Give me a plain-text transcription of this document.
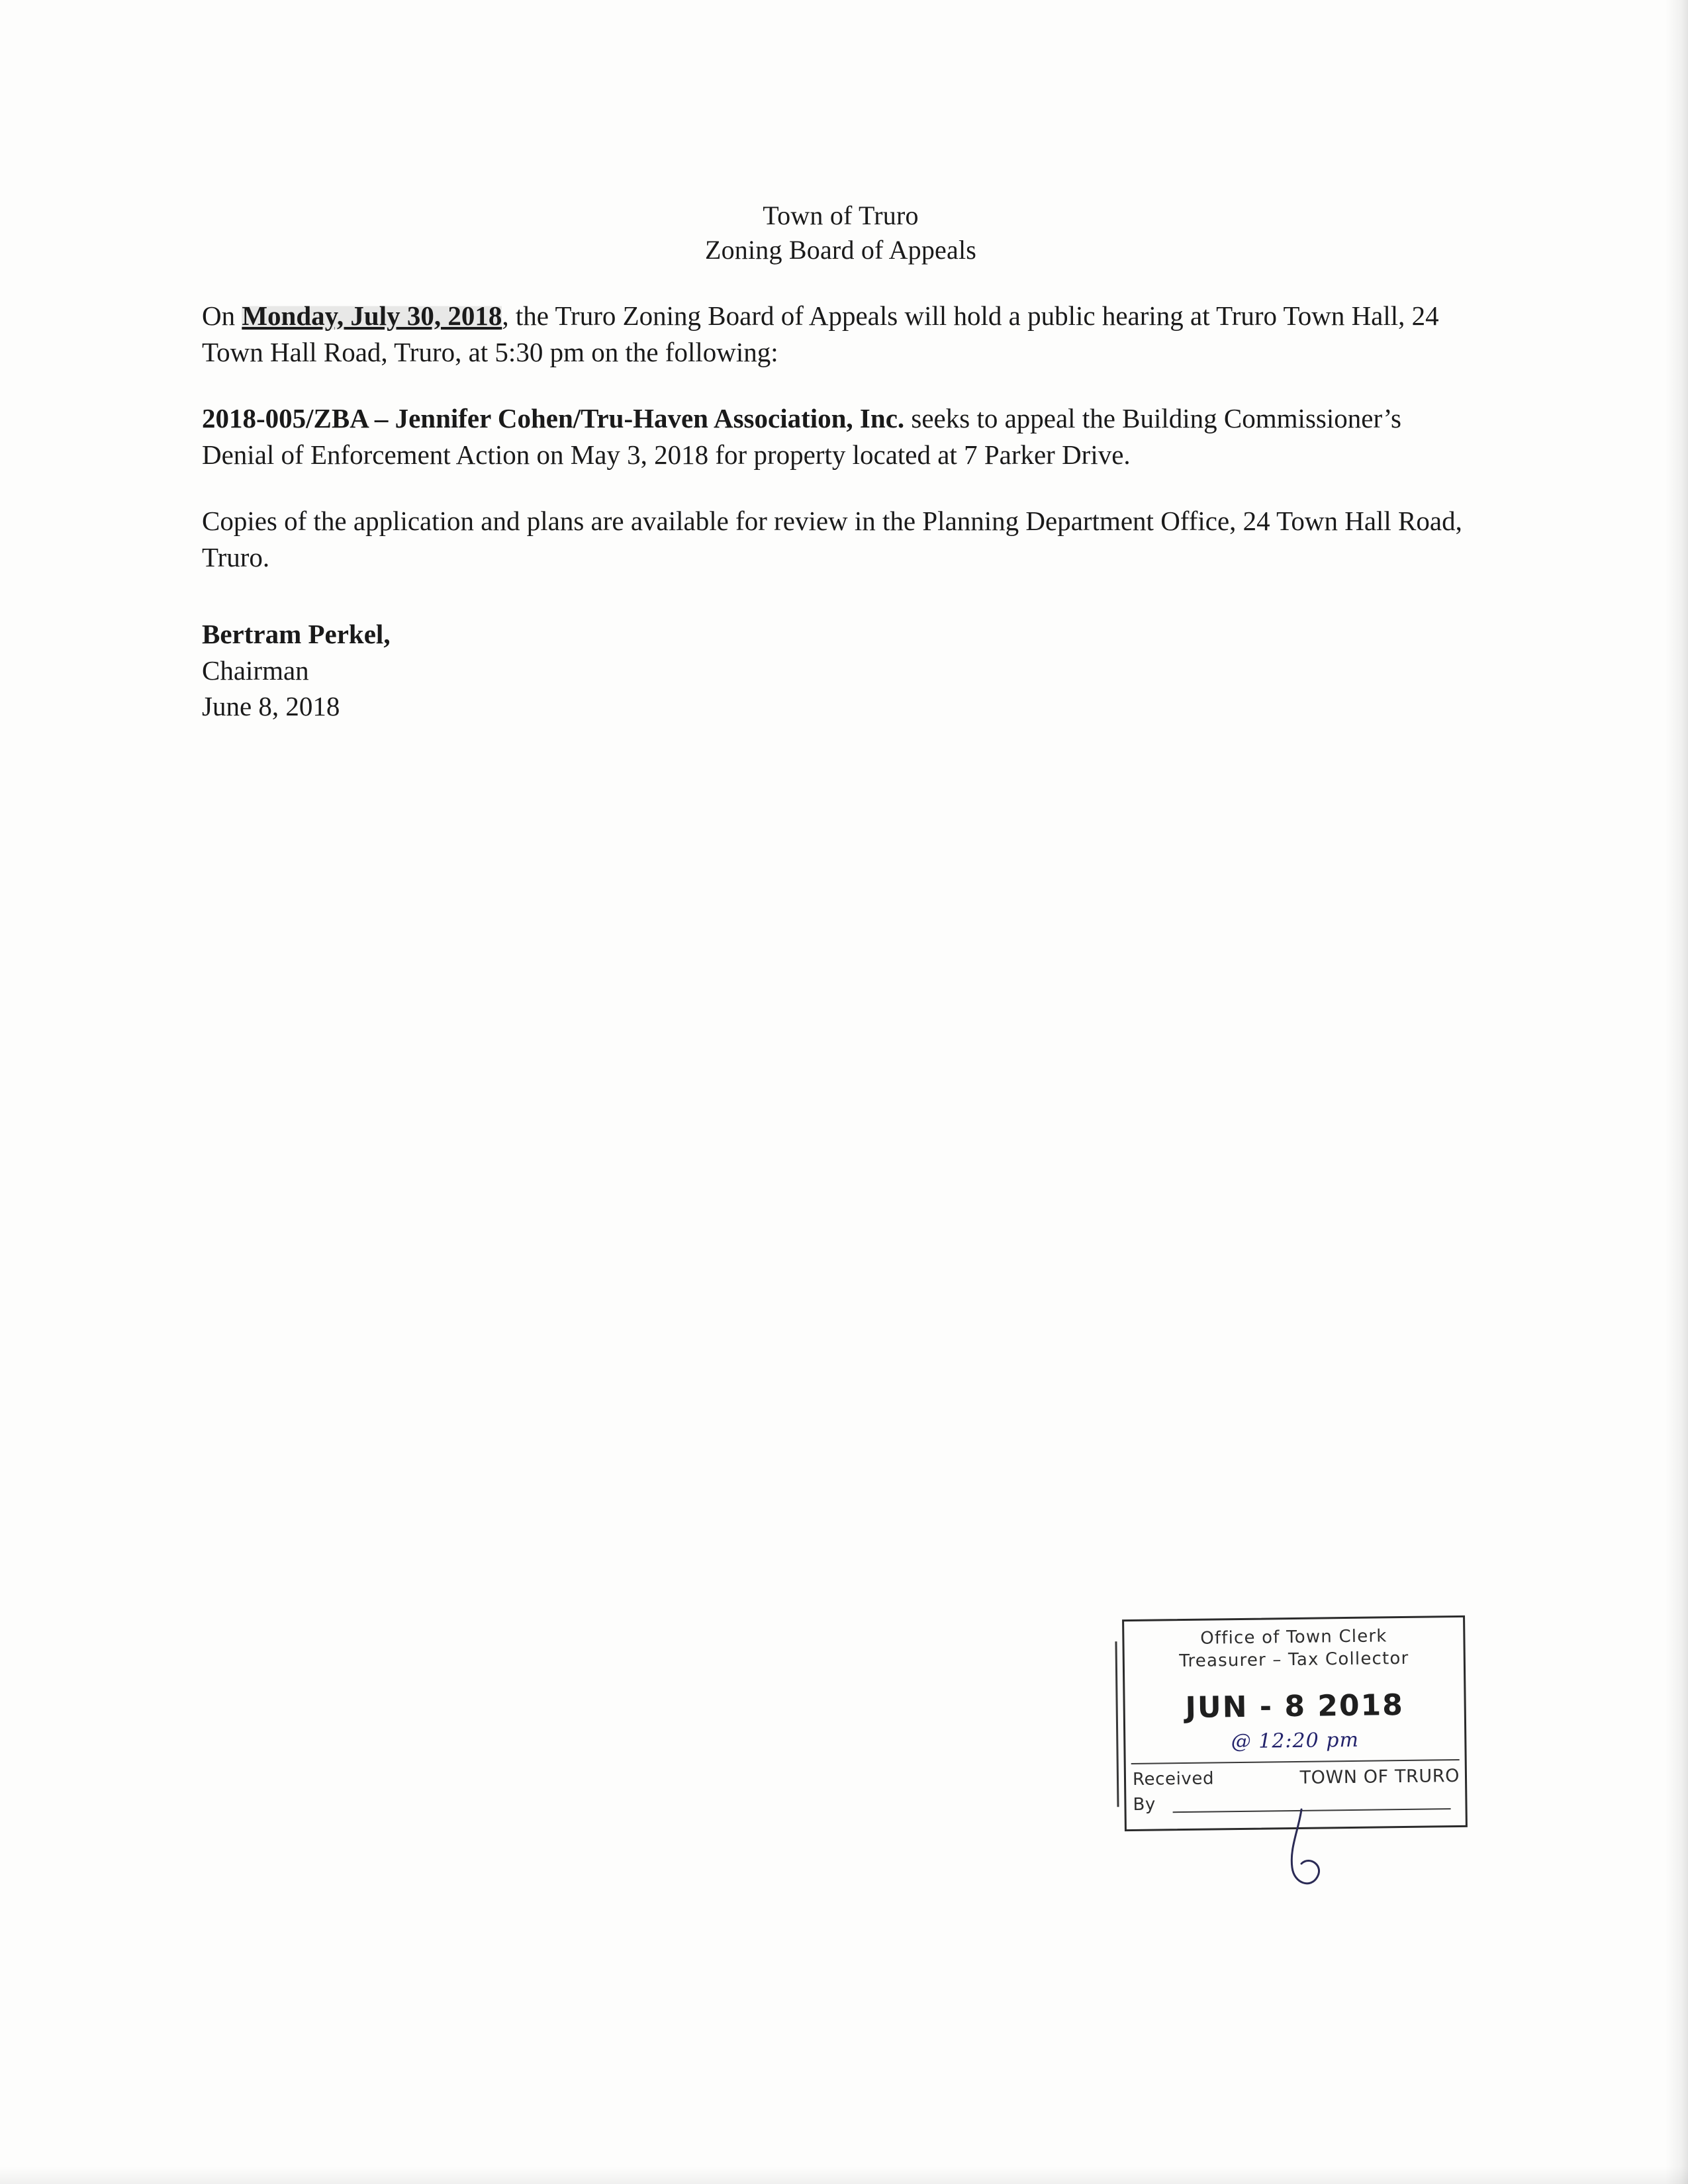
Town of Truro
Zoning Board of Appeals

On Monday, July 30, 2018, the Truro Zoning Board of Appeals will hold a public hearing at Truro Town Hall, 24 Town Hall Road, Truro, at 5:30 pm on the following:

2018-005/ZBA – Jennifer Cohen/Tru-Haven Association, Inc. seeks to appeal the Building Commissioner’s Denial of Enforcement Action on May 3, 2018 for property located at 7 Parker Drive.

Copies of the application and plans are available for review in the Planning Department Office, 24 Town Hall Road, Truro.

Bertram Perkel,
Chairman
June 8, 2018
Office of Town Clerk
Treasurer – Tax Collector
JUN - 8 2018
@ 12:20 pm
Received	TOWN OF TRURO
By
